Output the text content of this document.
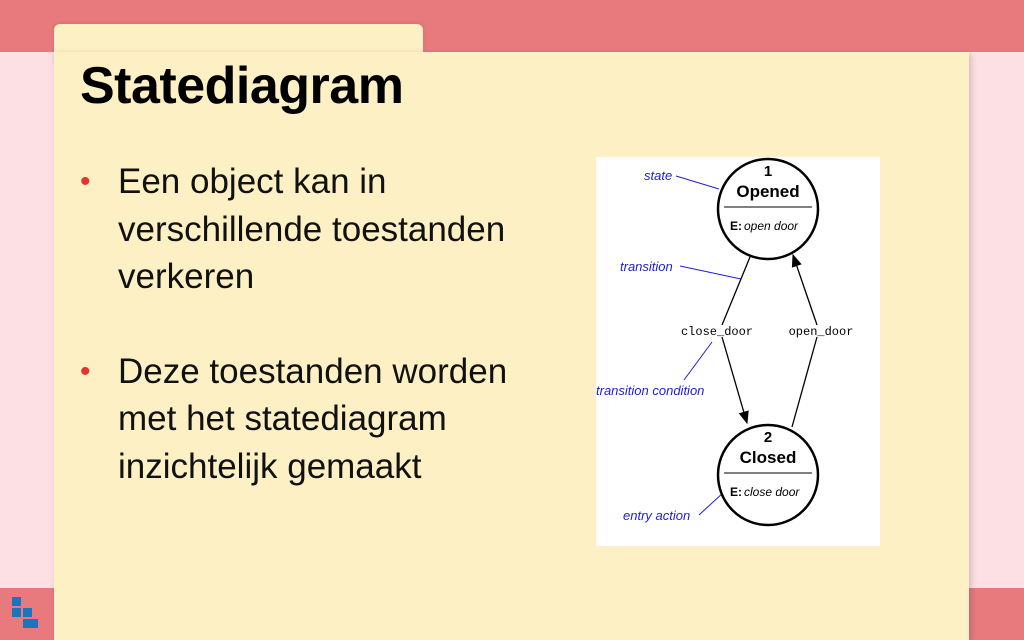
Statediagram
• Een object kan in verschillende toestanden verkeren
• Deze toestanden worden met het statediagram inzichtelijk gemaakt
1
Opened
E: open door
2
Closed
E: close door
close_door	open_door
state
transition
transition condition
entry action
